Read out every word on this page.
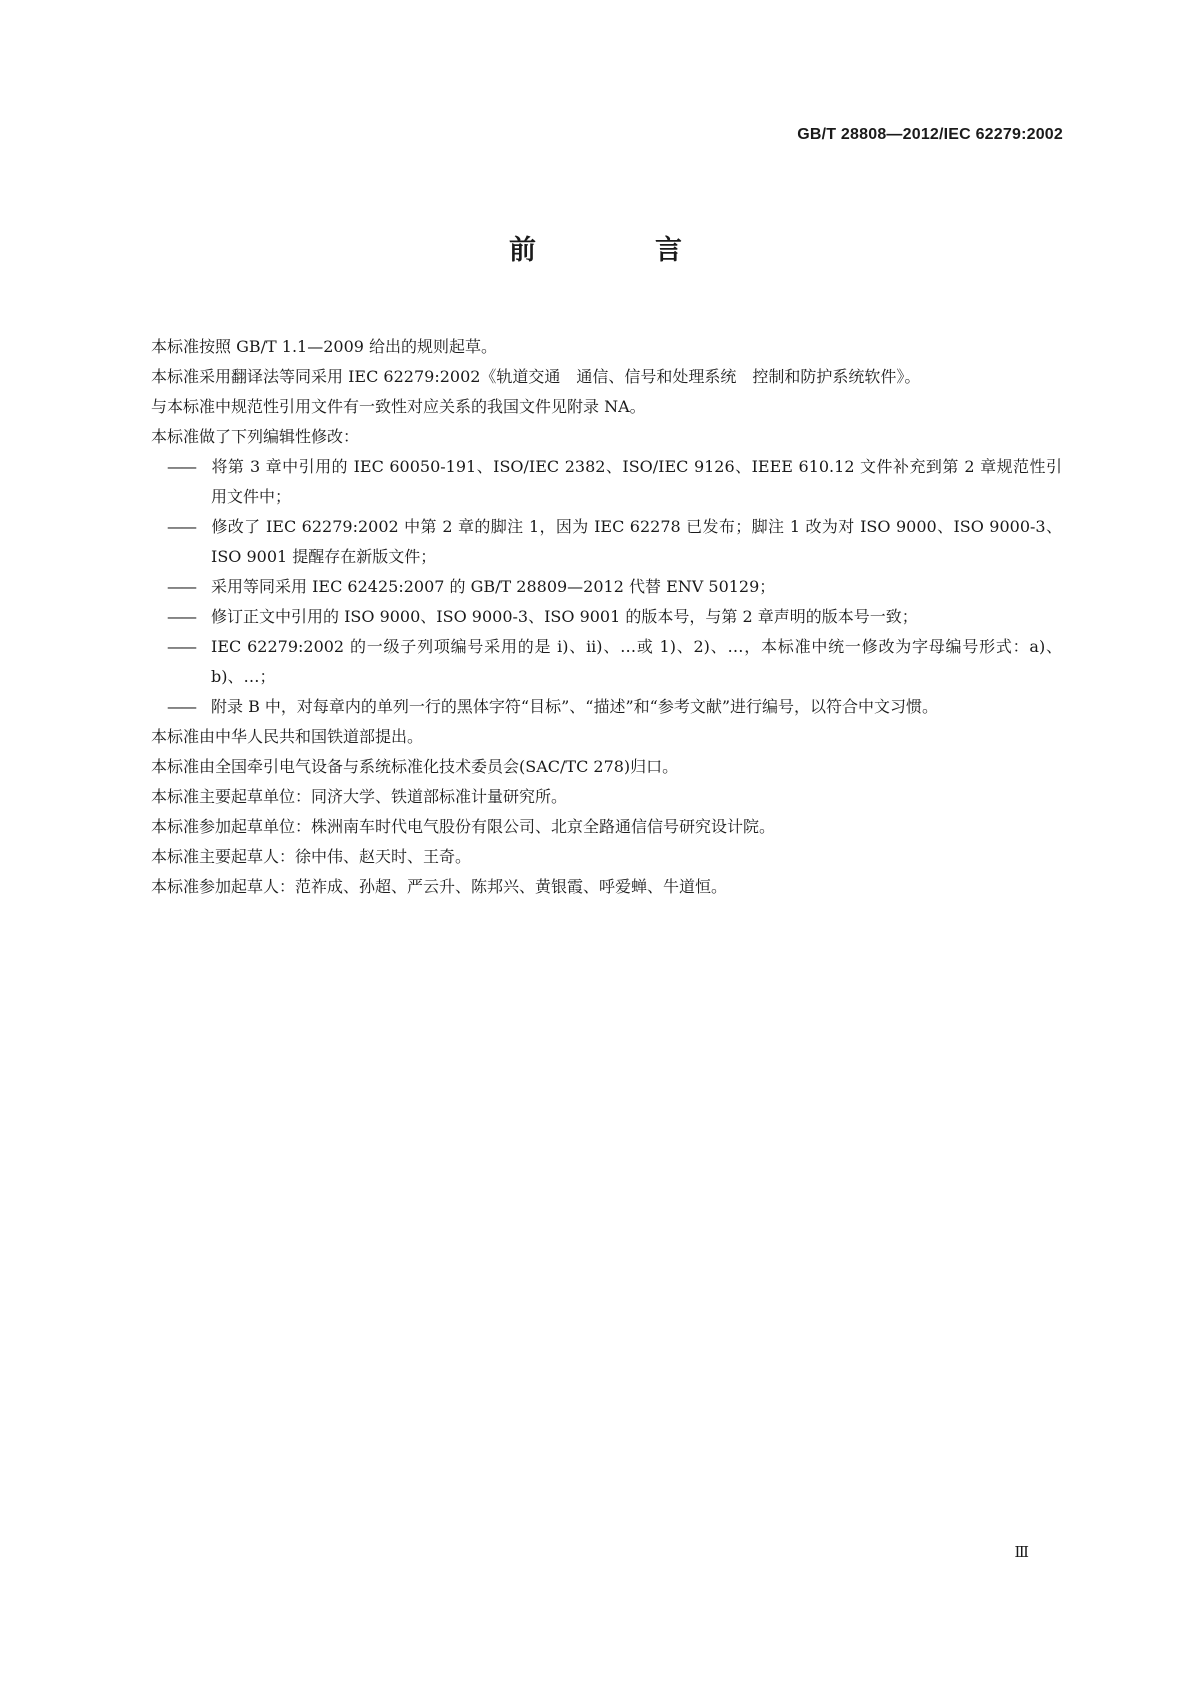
GB/T 28808—2012/IEC 62279:2002
前　言

本标准按照 GB/T 1.1—2009 给出的规则起草。

本标准采用翻译法等同采用 IEC 62279:2002《轨道交通　通信、信号和处理系统　控制和防护系统软件》。

与本标准中规范性引用文件有一致性对应关系的我国文件见附录 NA。

本标准做了下列编辑性修改：

—— 将第 3 章中引用的 IEC 60050-191、ISO/IEC 2382、ISO/IEC 9126、IEEE 610.12 文件补充到第 2 章规范性引用文件中；

—— 修改了 IEC 62279:2002 中第 2 章的脚注 1，因为 IEC 62278 已发布；脚注 1 改为对 ISO 9000、ISO 9000-3、ISO 9001 提醒存在新版文件；

—— 采用等同采用 IEC 62425:2007 的 GB/T 28809—2012 代替 ENV 50129；

—— 修订正文中引用的 ISO 9000、ISO 9000-3、ISO 9001 的版本号，与第 2 章声明的版本号一致；

—— IEC 62279:2002 的一级子列项编号采用的是 i)、ii)、…或 1)、2)、…，本标准中统一修改为字母编号形式：a)、b)、…；

—— 附录 B 中，对每章内的单列一行的黑体字符“目标”、“描述”和“参考文献”进行编号，以符合中文习惯。

本标准由中华人民共和国铁道部提出。

本标准由全国牵引电气设备与系统标准化技术委员会(SAC/TC 278)归口。

本标准主要起草单位：同济大学、铁道部标准计量研究所。

本标准参加起草单位：株洲南车时代电气股份有限公司、北京全路通信信号研究设计院。

本标准主要起草人：徐中伟、赵天时、王奇。

本标准参加起草人：范祚成、孙超、严云升、陈邦兴、黄银霞、呼爱蝉、牛道恒。

Ⅲ
